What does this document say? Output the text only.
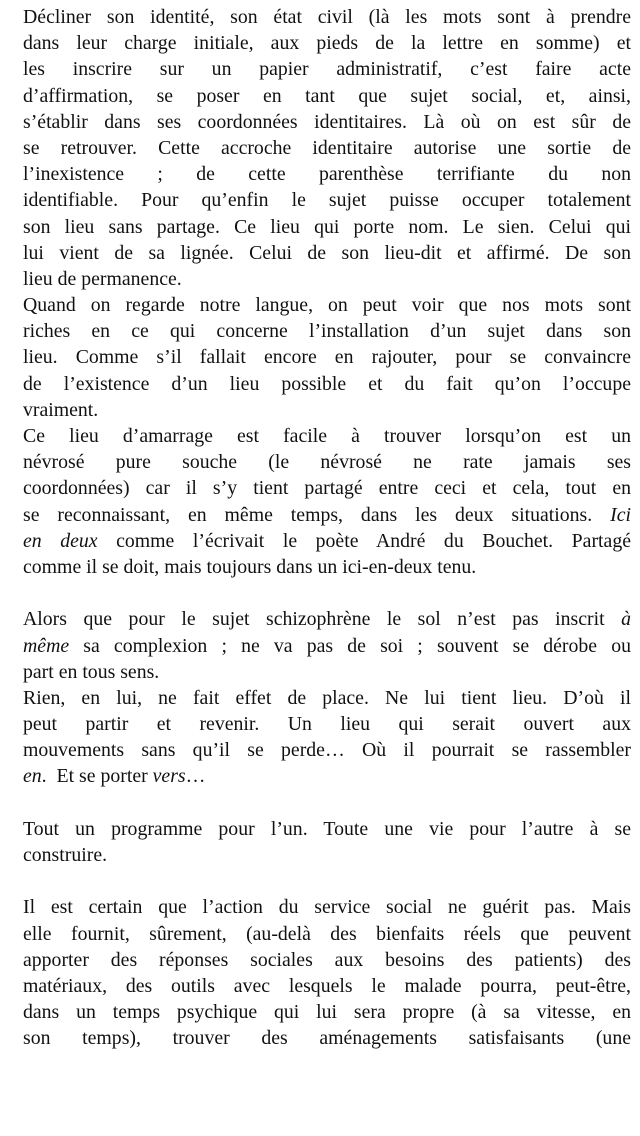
Décliner son identité, son état civil (là les mots sont à prendre
dans leur charge initiale, aux pieds de la lettre en somme) et
les inscrire sur un papier administratif, c’est faire acte
d’affirmation, se poser en tant que sujet social, et, ainsi,
s’établir dans ses coordonnées identitaires. Là où on est sûr de
se retrouver. Cette accroche identitaire autorise une sortie de
l’inexistence ; de cette parenthèse terrifiante du non
identifiable. Pour qu’enfin le sujet puisse occuper totalement
son lieu sans partage. Ce lieu qui porte nom. Le sien. Celui qui
lui vient de sa lignée. Celui de son lieu-dit et affirmé. De son
lieu de permanence.
Quand on regarde notre langue, on peut voir que nos mots sont
riches en ce qui concerne l’installation d’un sujet dans son
lieu. Comme s’il fallait encore en rajouter, pour se convaincre
de l’existence d’un lieu possible et du fait qu’on l’occupe
vraiment.
Ce lieu d’amarrage est facile à trouver lorsqu’on est un
névrosé pure souche (le névrosé ne rate jamais ses
coordonnées) car il s’y tient partagé entre ceci et cela, tout en
se reconnaissant, en même temps, dans les deux situations. Ici
en deux comme l’écrivait le poète André du Bouchet. Partagé
comme il se doit, mais toujours dans un ici-en-deux tenu.
Alors que pour le sujet schizophrène le sol n’est pas inscrit à
même sa complexion ; ne va pas de soi ; souvent se dérobe ou
part en tous sens.
Rien, en lui, ne fait effet de place. Ne lui tient lieu. D’où il
peut partir et revenir. Un lieu qui serait ouvert aux
mouvements sans qu’il se perde… Où il pourrait se rassembler
en.  Et se porter vers…
Tout un programme pour l’un. Toute une vie pour l’autre à se
construire.
Il est certain que l’action du service social ne guérit pas. Mais
elle fournit, sûrement, (au-delà des bienfaits réels que peuvent
apporter des réponses sociales aux besoins des patients) des
matériaux, des outils avec lesquels le malade pourra, peut-être,
dans un temps psychique qui lui sera propre (à sa vitesse, en
son temps), trouver des aménagements satisfaisants (une
